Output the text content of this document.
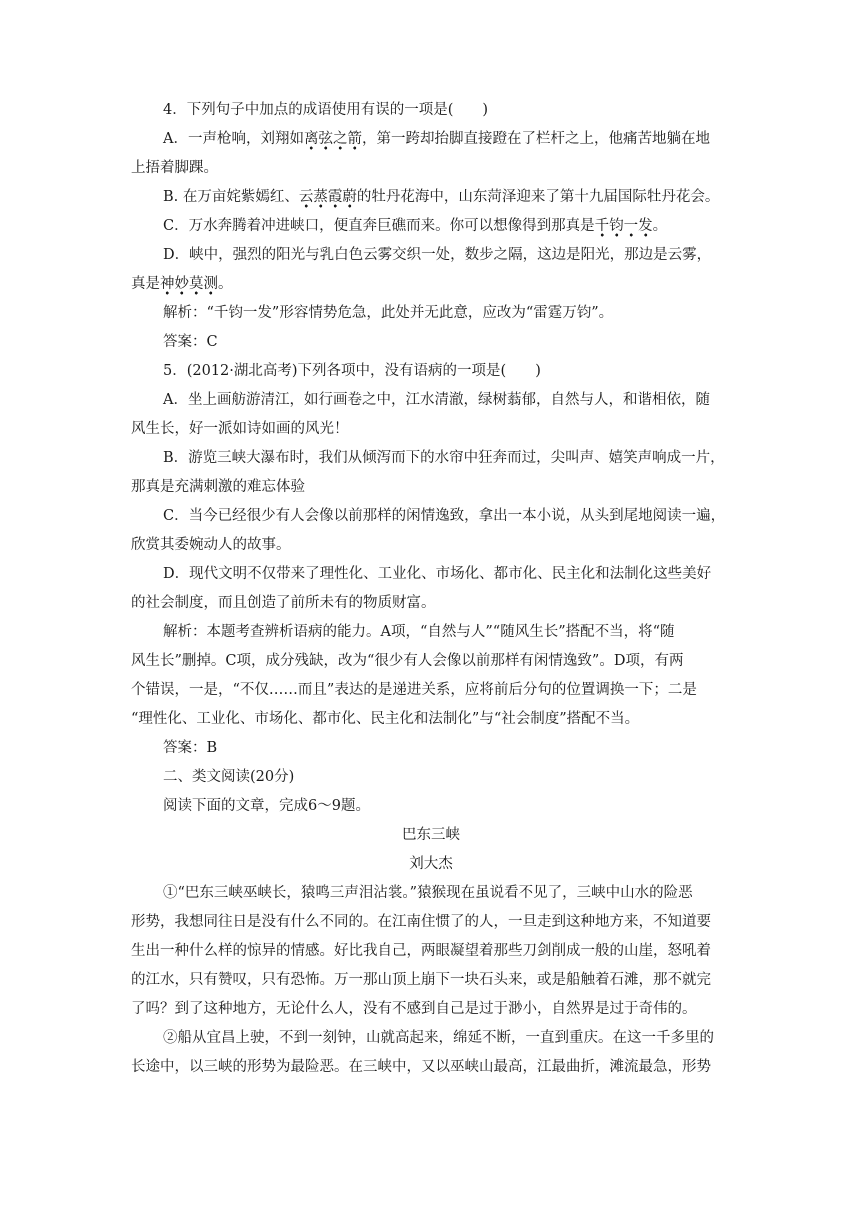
4．下列句子中加点的成语使用有误的一项是(　　)

A．一声枪响，刘翔如离弦之箭，第一跨却抬脚直接蹬在了栏杆之上，他痛苦地躺在地

上捂着脚踝。

B. 在万亩姹紫嫣红、云蒸霞蔚的牡丹花海中，山东菏泽迎来了第十九届国际牡丹花会。

C．万水奔腾着冲进峡口，便直奔巨礁而来。你可以想像得到那真是千钧一发。

D．峡中，强烈的阳光与乳白色云雾交织一处，数步之隔，这边是阳光，那边是云雾，

真是神妙莫测。

解析：“千钧一发”形容情势危急，此处并无此意，应改为“雷霆万钧”。

答案：C

5．(2012·湖北高考)下列各项中，没有语病的一项是(　　)

A．坐上画舫游清江，如行画卷之中，江水清澈，绿树蓊郁，自然与人，和谐相依，随

风生长，好一派如诗如画的风光！

B．游览三峡大瀑布时，我们从倾泻而下的水帘中狂奔而过，尖叫声、嬉笑声响成一片，

那真是充满刺激的难忘体验

C．当今已经很少有人会像以前那样的闲情逸致，拿出一本小说，从头到尾地阅读一遍，

欣赏其委婉动人的故事。

D．现代文明不仅带来了理性化、工业化、市场化、都市化、民主化和法制化这些美好

的社会制度，而且创造了前所未有的物质财富。

解析：本题考查辨析语病的能力。A项，“自然与人”“随风生长”搭配不当，将“随

风生长”删掉。C项，成分残缺，改为“很少有人会像以前那样有闲情逸致”。D项，有两

个错误，一是，“不仅……而且”表达的是递进关系，应将前后分句的位置调换一下；二是

“理性化、工业化、市场化、都市化、民主化和法制化”与“社会制度”搭配不当。

答案：B

二、类文阅读(20分)

阅读下面的文章，完成6～9题。

巴东三峡

刘大杰

①“巴东三峡巫峡长，猿鸣三声泪沾裳。”猿猴现在虽说看不见了，三峡中山水的险恶

形势，我想同往日是没有什么不同的。在江南住惯了的人，一旦走到这种地方来，不知道要

生出一种什么样的惊异的情感。好比我自己，两眼凝望着那些刀剑削成一般的山崖，怒吼着

的江水，只有赞叹，只有恐怖。万一那山顶上崩下一块石头来，或是船触着石滩，那不就完

了吗？到了这种地方，无论什么人，没有不感到自己是过于渺小，自然界是过于奇伟的。

②船从宜昌上驶，不到一刻钟，山就高起来，绵延不断，一直到重庆。在这一千多里的

长途中，以三峡的形势为最险恶。在三峡中，又以巫峡山最高，江最曲折，滩流最急，形势
